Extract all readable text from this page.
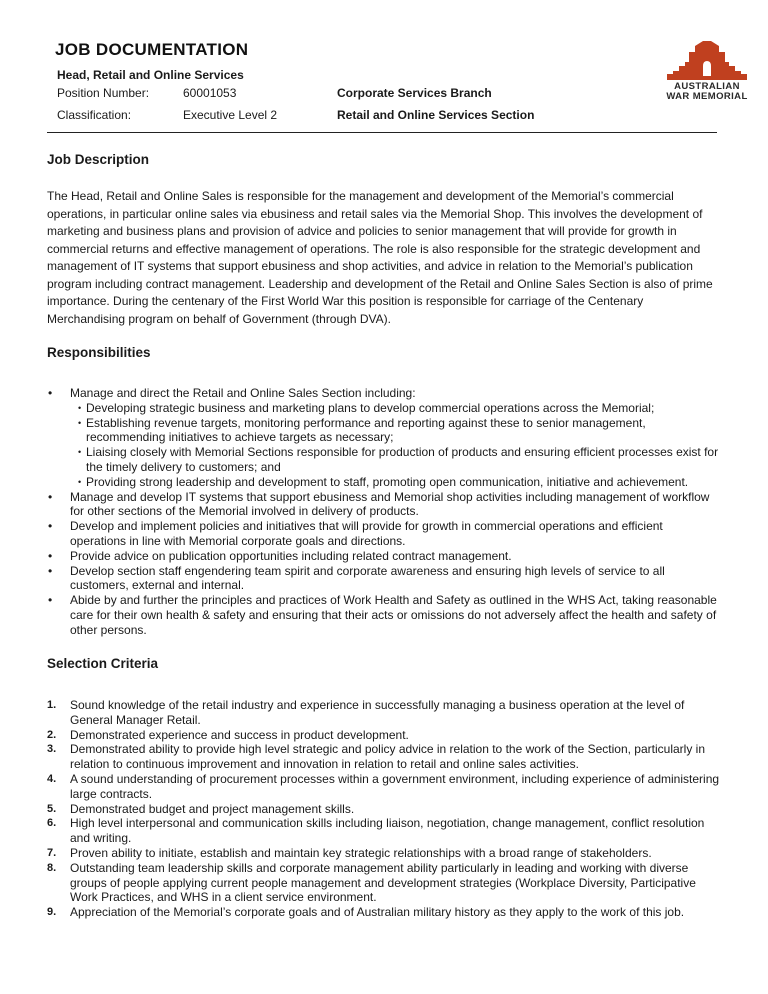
JOB DOCUMENTATION
Head, Retail and Online Services
Position Number:	60001053	Corporate Services Branch
Classification:	Executive Level 2	Retail and Online Services Section
AUSTRALIAN
WAR MEMORIAL
Job Description
The Head, Retail and Online Sales is responsible for the management and development of the Memorial’s commercial operations, in particular online sales via ebusiness and retail sales via the Memorial Shop. This involves the development of marketing and business plans and provision of advice and policies to senior management that will provide for growth in commercial returns and effective management of operations. The role is also responsible for the strategic development and management of IT systems that support ebusiness and shop activities, and advice in relation to the Memorial’s publication program including contract management. Leadership and development of the Retail and Online Sales Section is also of prime importance. During the centenary of the First World War this position is responsible for carriage of the Centenary Merchandising program on behalf of Government (through DVA).
Responsibilities
• Manage and direct the Retail and Online Sales Section including:
• Developing strategic business and marketing plans to develop commercial operations across the Memorial;
• Establishing revenue targets, monitoring performance and reporting against these to senior management, recommending initiatives to achieve targets as necessary;
• Liaising closely with Memorial Sections responsible for production of products and ensuring efficient processes exist for the timely delivery to customers; and
• Providing strong leadership and development to staff, promoting open communication, initiative and achievement.
• Manage and develop IT systems that support ebusiness and Memorial shop activities including management of workflow for other sections of the Memorial involved in delivery of products.
• Develop and implement policies and initiatives that will provide for growth in commercial operations and efficient operations in line with Memorial corporate goals and directions.
• Provide advice on publication opportunities including related contract management.
• Develop section staff engendering team spirit and corporate awareness and ensuring high levels of service to all customers, external and internal.
• Abide by and further the principles and practices of Work Health and Safety as outlined in the WHS Act, taking reasonable care for their own health & safety and ensuring that their acts or omissions do not adversely affect the health and safety of other persons.
Selection Criteria
1. Sound knowledge of the retail industry and experience in successfully managing a business operation at the level of General Manager Retail.
2. Demonstrated experience and success in product development.
3. Demonstrated ability to provide high level strategic and policy advice in relation to the work of the Section, particularly in relation to continuous improvement and innovation in relation to retail and online sales activities.
4. A sound understanding of procurement processes within a government environment, including experience of administering large contracts.
5. Demonstrated budget and project management skills.
6. High level interpersonal and communication skills including liaison, negotiation, change management, conflict resolution and writing.
7. Proven ability to initiate, establish and maintain key strategic relationships with a broad range of stakeholders.
8. Outstanding team leadership skills and corporate management ability particularly in leading and working with diverse groups of people applying current people management and development strategies (Workplace Diversity, Participative Work Practices, and WHS in a client service environment.
9. Appreciation of the Memorial’s corporate goals and of Australian military history as they apply to the work of this job.
